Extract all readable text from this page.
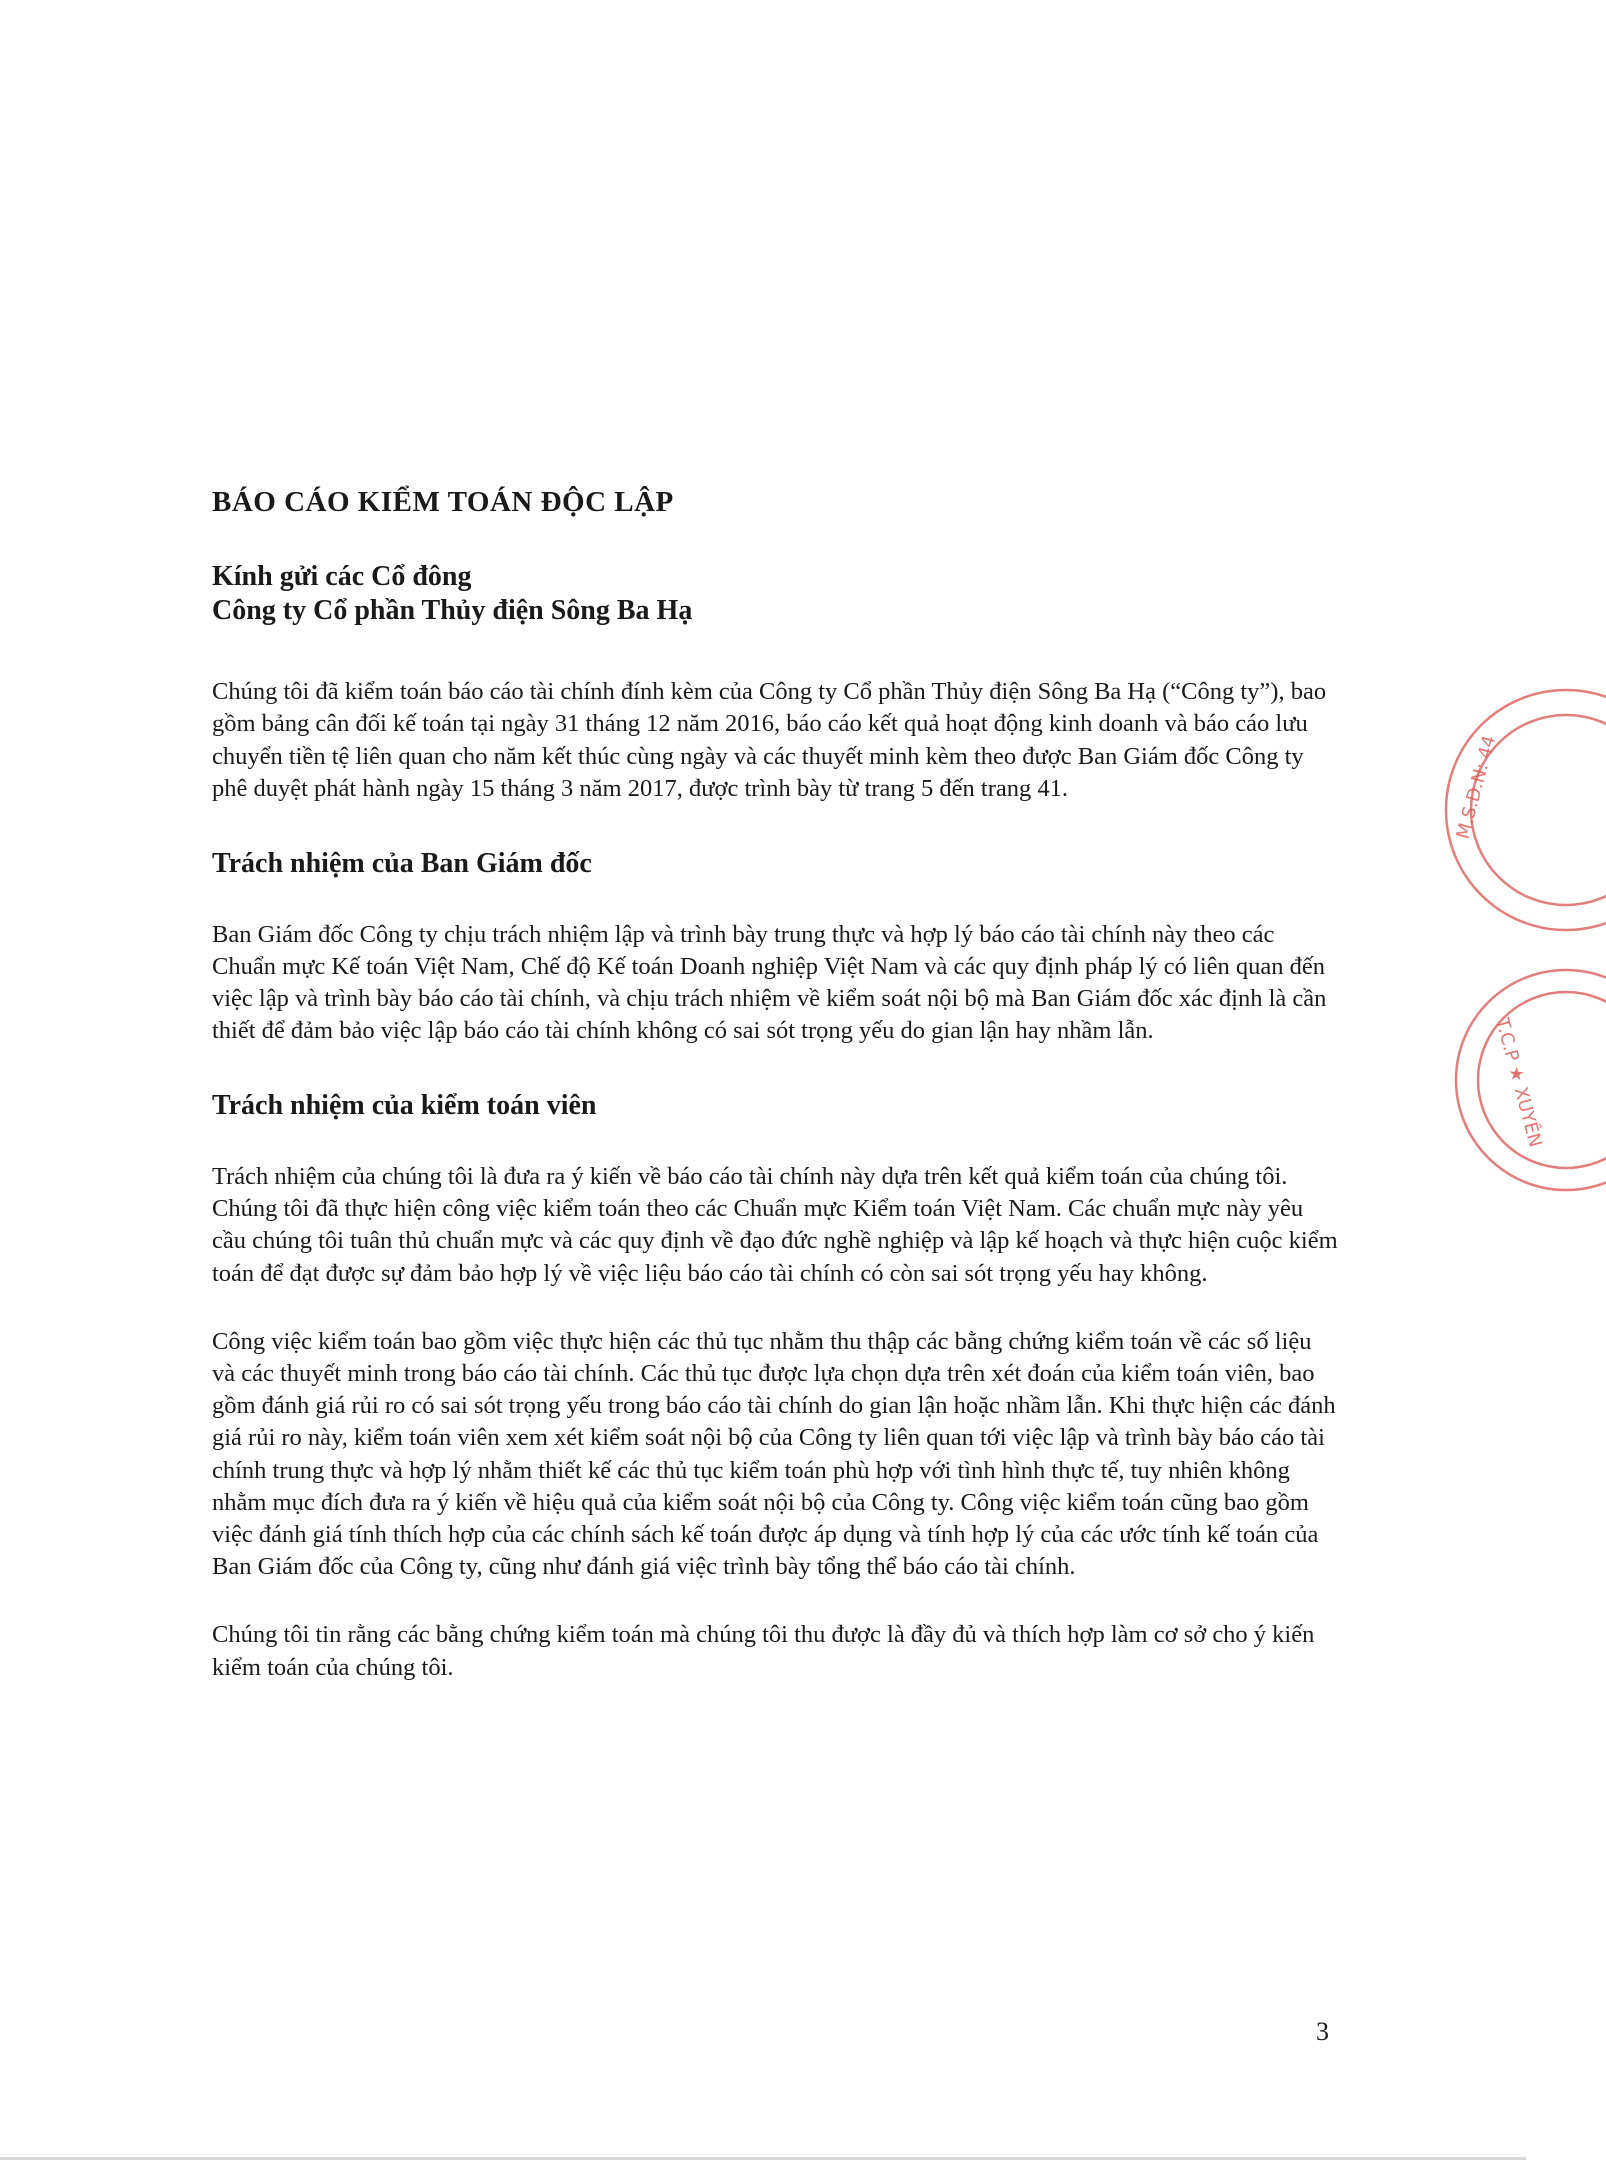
BÁO CÁO KIỂM TOÁN ĐỘC LẬP
Kính gửi các Cổ đông
Công ty Cổ phần Thủy điện Sông Ba Hạ

Chúng tôi đã kiểm toán báo cáo tài chính đính kèm của Công ty Cổ phần Thủy điện Sông Ba Hạ (“Công ty”), bao gồm bảng cân đối kế toán tại ngày 31 tháng 12 năm 2016, báo cáo kết quả hoạt động kinh doanh và báo cáo lưu chuyển tiền tệ liên quan cho năm kết thúc cùng ngày và các thuyết minh kèm theo được Ban Giám đốc Công ty phê duyệt phát hành ngày 15 tháng 3 năm 2017, được trình bày từ trang 5 đến trang 41.

Trách nhiệm của Ban Giám đốc

Ban Giám đốc Công ty chịu trách nhiệm lập và trình bày trung thực và hợp lý báo cáo tài chính này theo các Chuẩn mực Kế toán Việt Nam, Chế độ Kế toán Doanh nghiệp Việt Nam và các quy định pháp lý có liên quan đến việc lập và trình bày báo cáo tài chính, và chịu trách nhiệm về kiểm soát nội bộ mà Ban Giám đốc xác định là cần thiết để đảm bảo việc lập báo cáo tài chính không có sai sót trọng yếu do gian lận hay nhầm lẫn.

Trách nhiệm của kiểm toán viên

Trách nhiệm của chúng tôi là đưa ra ý kiến về báo cáo tài chính này dựa trên kết quả kiểm toán của chúng tôi. Chúng tôi đã thực hiện công việc kiểm toán theo các Chuẩn mực Kiểm toán Việt Nam. Các chuẩn mực này yêu cầu chúng tôi tuân thủ chuẩn mực và các quy định về đạo đức nghề nghiệp và lập kế hoạch và thực hiện cuộc kiểm toán để đạt được sự đảm bảo hợp lý về việc liệu báo cáo tài chính có còn sai sót trọng yếu hay không.

Công việc kiểm toán bao gồm việc thực hiện các thủ tục nhằm thu thập các bằng chứng kiểm toán về các số liệu và các thuyết minh trong báo cáo tài chính. Các thủ tục được lựa chọn dựa trên xét đoán của kiểm toán viên, bao gồm đánh giá rủi ro có sai sót trọng yếu trong báo cáo tài chính do gian lận hoặc nhầm lẫn. Khi thực hiện các đánh giá rủi ro này, kiểm toán viên xem xét kiểm soát nội bộ của Công ty liên quan tới việc lập và trình bày báo cáo tài chính trung thực và hợp lý nhằm thiết kế các thủ tục kiểm toán phù hợp với tình hình thực tế, tuy nhiên không nhằm mục đích đưa ra ý kiến về hiệu quả của kiểm soát nội bộ của Công ty. Công việc kiểm toán cũng bao gồm việc đánh giá tính thích hợp của các chính sách kế toán được áp dụng và tính hợp lý của các ước tính kế toán của Ban Giám đốc của Công ty, cũng như đánh giá việc trình bày tổng thể báo cáo tài chính.

Chúng tôi tin rằng các bằng chứng kiểm toán mà chúng tôi thu được là đầy đủ và thích hợp làm cơ sở cho ý kiến kiểm toán của chúng tôi.

M.S.D.N: 44
T.C.P ★ XUYÊN
3
